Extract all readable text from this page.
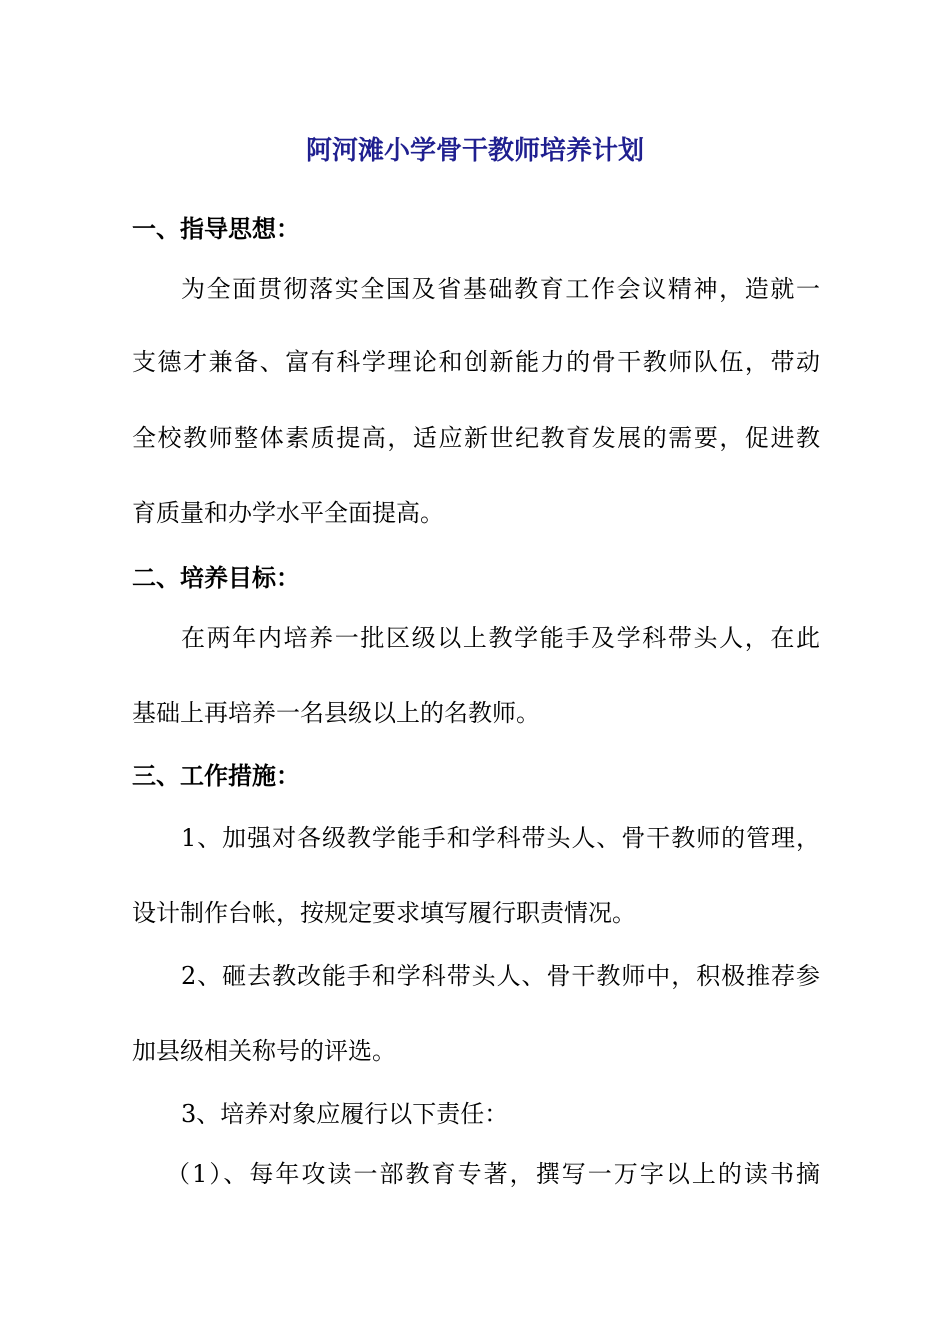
阿河滩小学骨干教师培养计划

一、指导思想：

为全面贯彻落实全国及省基础教育工作会议精神，造就一

支德才兼备、富有科学理论和创新能力的骨干教师队伍，带动

全校教师整体素质提高，适应新世纪教育发展的需要，促进教

育质量和办学水平全面提高。

二、培养目标：

在两年内培养一批区级以上教学能手及学科带头人，在此

基础上再培养一名县级以上的名教师。

三、工作措施：

1、加强对各级教学能手和学科带头人、骨干教师的管理，

设计制作台帐，按规定要求填写履行职责情况。

2、砸去教改能手和学科带头人、骨干教师中，积极推荐参

加县级相关称号的评选。

3、培养对象应履行以下责任：

（1）、每年攻读一部教育专著，撰写一万字以上的读书摘
